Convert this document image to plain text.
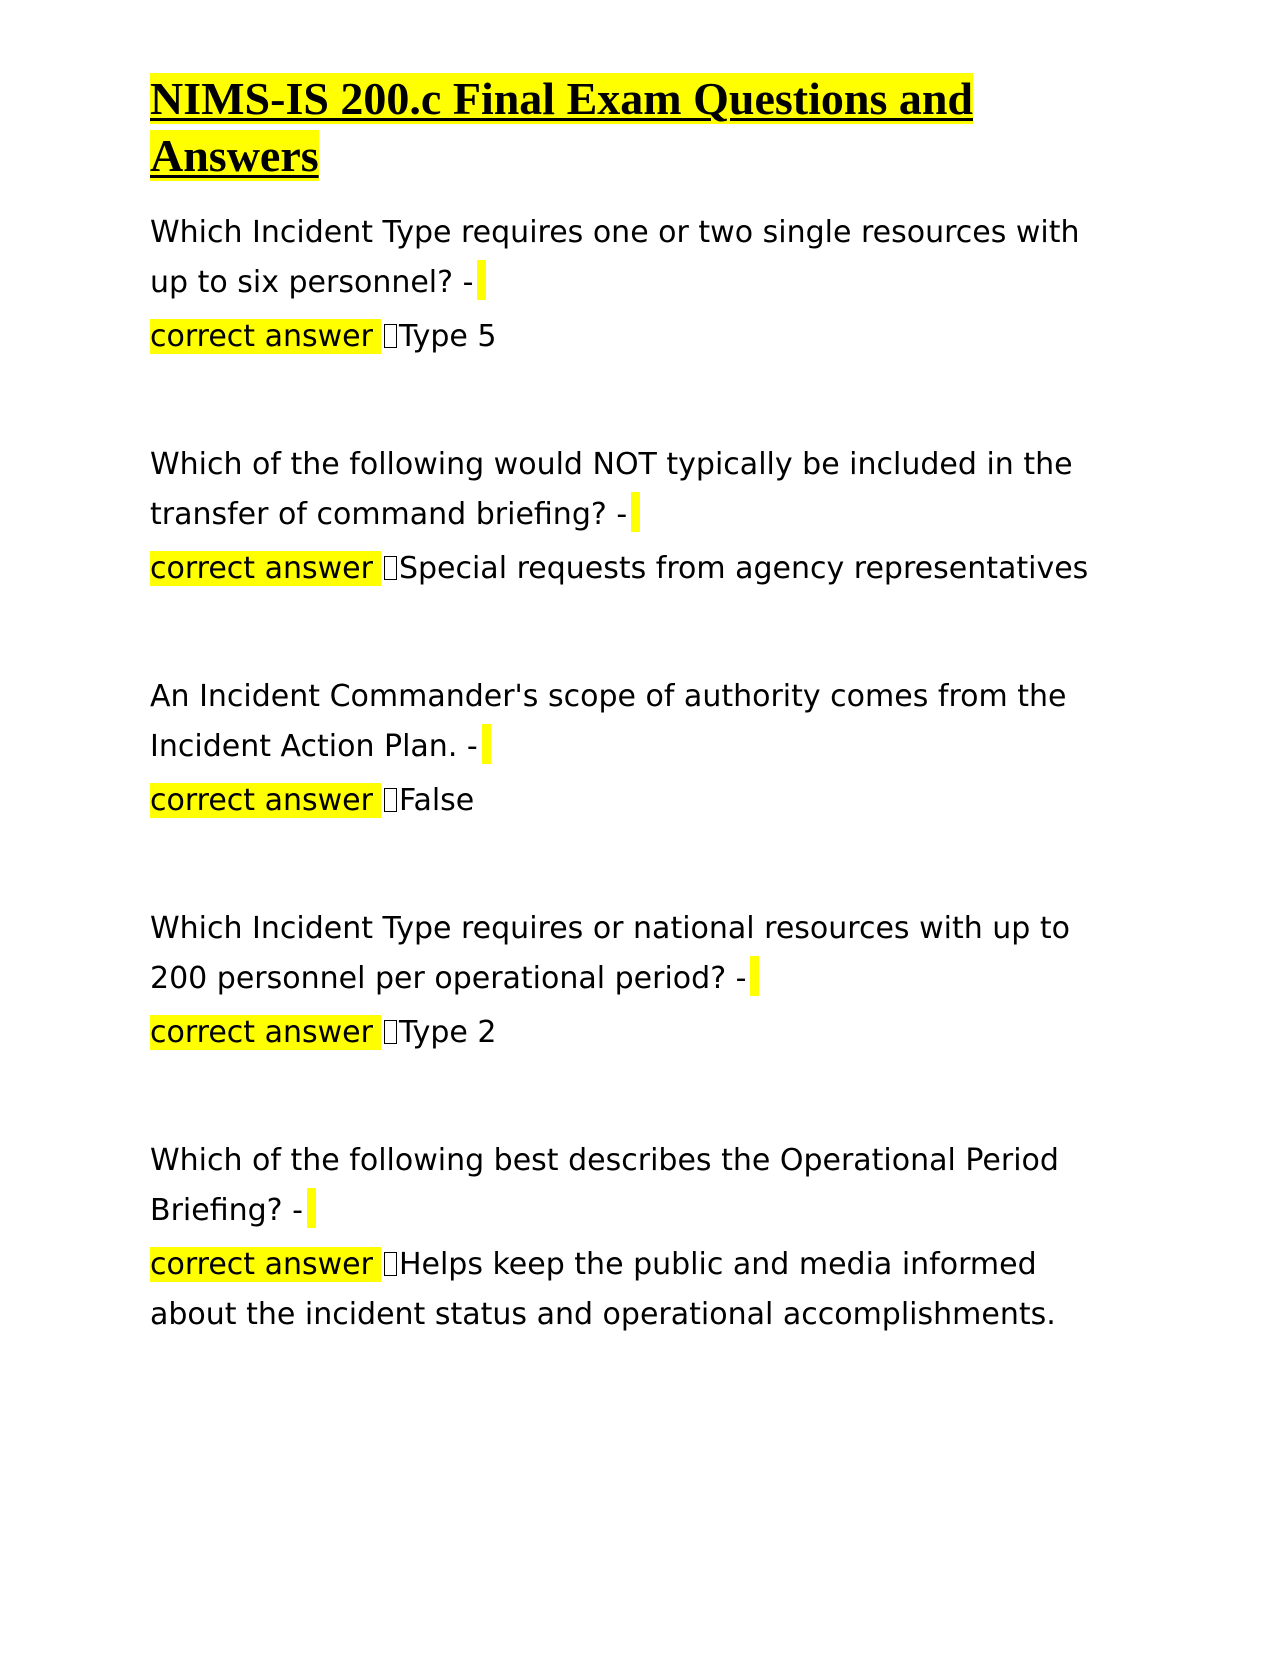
NIMS-IS 200.c Final Exam Questions and Answers

Which Incident Type requires one or two single resources with up to six personnel? -

correct answer Type 5

Which of the following would NOT typically be included in the transfer of command briefing? -

correct answer Special requests from agency representatives

An Incident Commander's scope of authority comes from the Incident Action Plan. -

correct answer False

Which Incident Type requires or national resources with up to 200 personnel per operational period? -

correct answer Type 2

Which of the following best describes the Operational Period Briefing? -

correct answer Helps keep the public and media informed about the incident status and operational accomplishments.
